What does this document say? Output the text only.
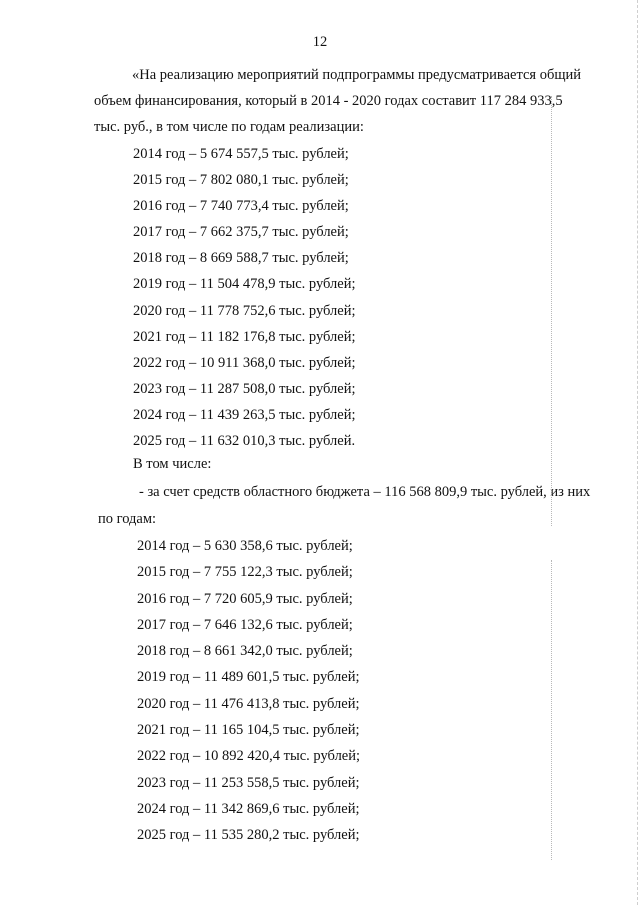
12
«На реализацию мероприятий подпрограммы предусматривается общий
объем финансирования, который в 2014 - 2020 годах составит 117 284 933,5
тыс. руб., в том числе по годам реализации:
2014 год – 5 674 557,5 тыс. рублей;
2015 год – 7 802 080,1 тыс. рублей;
2016 год – 7 740 773,4 тыс. рублей;
2017 год – 7 662 375,7 тыс. рублей;
2018 год – 8 669 588,7 тыс. рублей;
2019 год – 11 504 478,9 тыс. рублей;
2020 год – 11 778 752,6 тыс. рублей;
2021 год – 11 182 176,8 тыс. рублей;
2022 год – 10 911 368,0 тыс. рублей;
2023 год – 11 287 508,0 тыс. рублей;
2024 год – 11 439 263,5 тыс. рублей;
2025 год – 11 632 010,3 тыс. рублей.
В том числе:
- за счет средств областного бюджета – 116 568 809,9 тыс. рублей, из них
по годам:
2014 год – 5 630 358,6 тыс. рублей;
2015 год – 7 755 122,3 тыс. рублей;
2016 год – 7 720 605,9 тыс. рублей;
2017 год – 7 646 132,6 тыс. рублей;
2018 год – 8 661 342,0 тыс. рублей;
2019 год – 11 489 601,5 тыс. рублей;
2020 год – 11 476 413,8 тыс. рублей;
2021 год – 11 165 104,5 тыс. рублей;
2022 год – 10 892 420,4 тыс. рублей;
2023 год – 11 253 558,5 тыс. рублей;
2024 год – 11 342 869,6 тыс. рублей;
2025 год – 11 535 280,2 тыс. рублей;
